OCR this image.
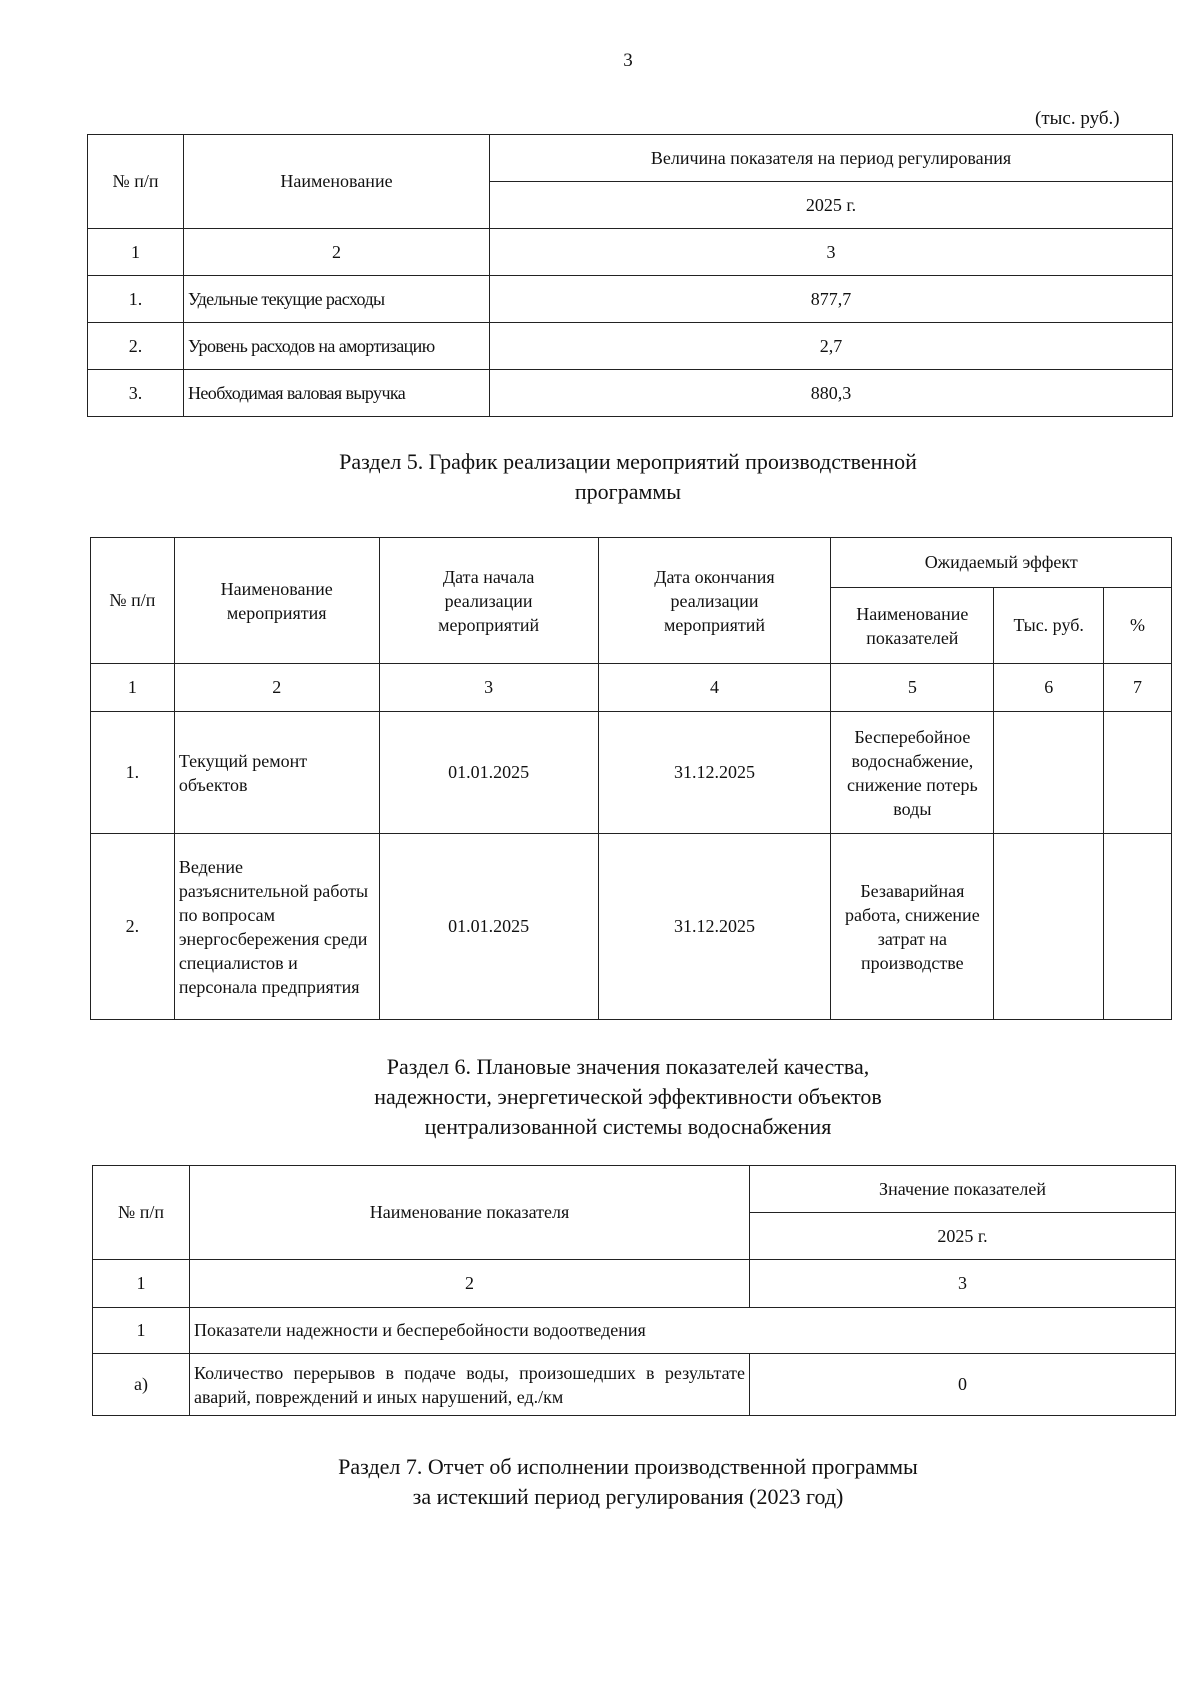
3
(тыс. руб.)
№ п/п	Наименование	Величина показателя на период регулирования
		2025 г.
1	2	3
1.	Удельные текущие расходы	877,7
2.	Уровень расходов на амортизацию	2,7
3.	Необходимая валовая выручка	880,3
Раздел 5. График реализации мероприятий производственной
программы
№ п/п	Наименование мероприятия	Дата начала реализации мероприятий	Дата окончания реализации мероприятий	Ожидаемый эффект		
				Наименование показателей	Тыс. руб.	%
1	2	3	4	5	6	7
1.	Текущий ремонт объектов	01.01.2025	31.12.2025	Бесперебойное водоснабжение, снижение потерь воды		
2.	Ведение разъяснительной работы по вопросам энергосбережения среди специалистов и персонала предприятия	01.01.2025	31.12.2025	Безаварийная работа, снижение затрат на производстве		
Раздел 6. Плановые значения показателей качества,
надежности, энергетической эффективности объектов
централизованной системы водоснабжения
№ п/п	Наименование показателя	Значение показателей
		2025 г.
1	2	3
1	Показатели надежности и бесперебойности водоотведения	
а)	Количество перерывов в подаче воды, произошедших в результате аварий, повреждений и иных нарушений, ед./км	0
Раздел 7. Отчет об исполнении производственной программы
за истекший период регулирования (2023 год)
